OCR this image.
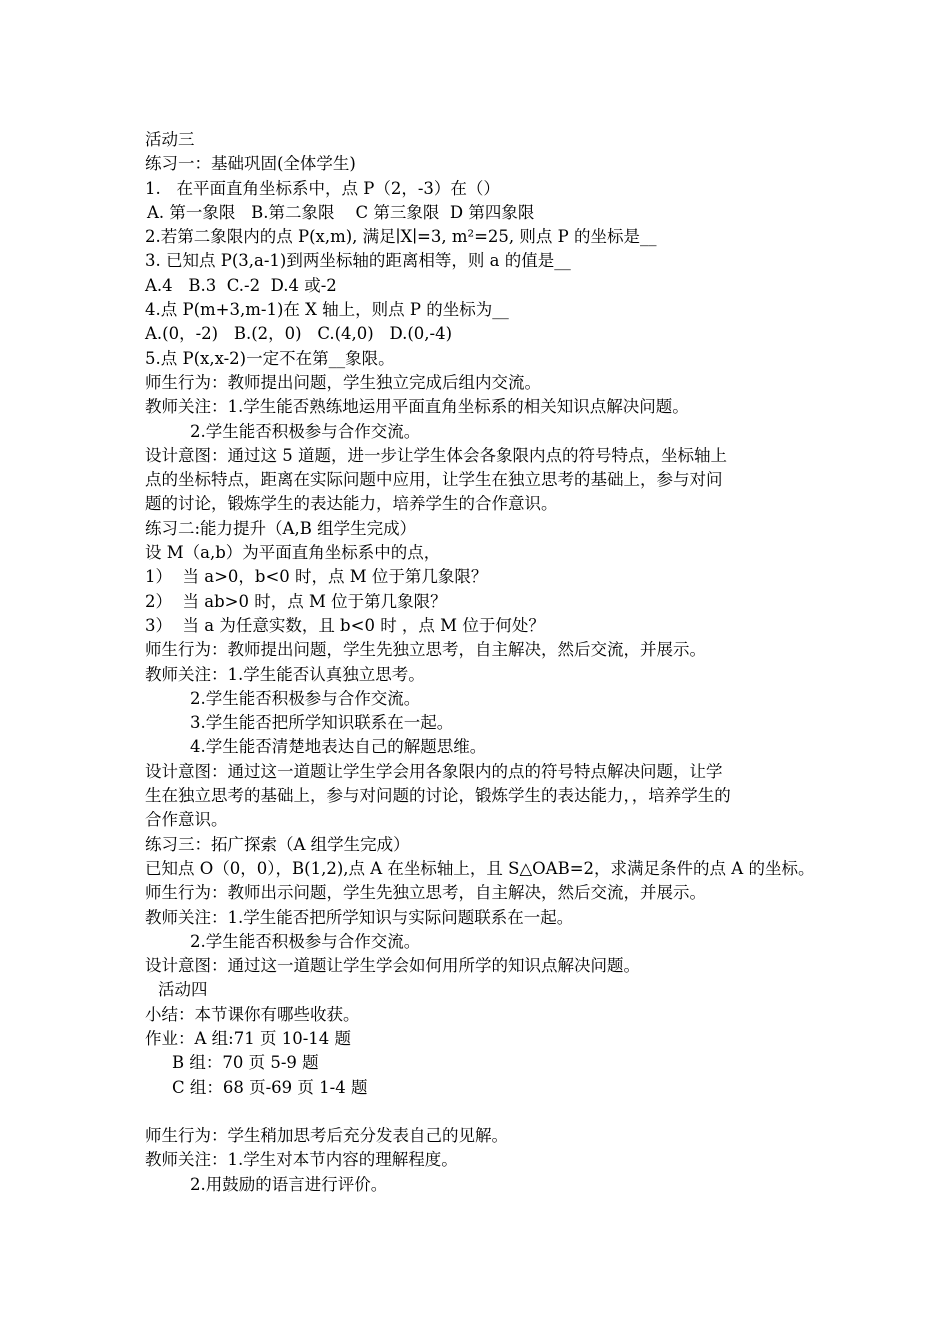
活动三
练习一：基础巩固(全体学生)
1.   在平面直角坐标系中，点 P（2，-3）在（）
A. 第一象限   B.第二象限    C 第三象限  D 第四象限
2.若第二象限内的点 P(x,m), 满足∣X∣=3, m²=25, 则点 P 的坐标是__
3. 已知点 P(3,a-1)到两坐标轴的距离相等，则 a 的值是__
A.4   B.3  C.-2  D.4 或-2
4.点 P(m+3,m-1)在 X 轴上，则点 P 的坐标为__
A.(0，-2)   B.(2，0)   C.(4,0)   D.(0,-4)
5.点 P(x,x-2)一定不在第__象限。
师生行为：教师提出问题，学生独立完成后组内交流。
教师关注：1.学生能否熟练地运用平面直角坐标系的相关知识点解决问题。
2.学生能否积极参与合作交流。
设计意图：通过这 5 道题，进一步让学生体会各象限内点的符号特点，坐标轴上
点的坐标特点，距离在实际问题中应用，让学生在独立思考的基础上，参与对问
题的讨论，锻炼学生的表达能力，培养学生的合作意识。
练习二:能力提升（A,B 组学生完成）
设 M（a,b）为平面直角坐标系中的点，
1）  当 a>0，b<0 时，点 M 位于第几象限？
2）  当 ab>0 时，点 M 位于第几象限？
3）  当 a 为任意实数，且 b<0 时 ，点 M 位于何处？
师生行为：教师提出问题，学生先独立思考，自主解决，然后交流，并展示。
教师关注：1.学生能否认真独立思考。
2.学生能否积极参与合作交流。
3.学生能否把所学知识联系在一起。
4.学生能否清楚地表达自己的解题思维。
设计意图：通过这一道题让学生学会用各象限内的点的符号特点解决问题，让学
生在独立思考的基础上，参与对问题的讨论，锻炼学生的表达能力，，培养学生的
合作意识。
练习三：拓广探索（A 组学生完成）
已知点 O（0，0），B(1,2),点 A 在坐标轴上，且 S△OAB=2，求满足条件的点 A 的坐标。
师生行为：教师出示问题，学生先独立思考，自主解决，然后交流，并展示。
教师关注：1.学生能否把所学知识与实际问题联系在一起。
2.学生能否积极参与合作交流。
设计意图：通过这一道题让学生学会如何用所学的知识点解决问题。
活动四
小结：本节课你有哪些收获。
作业：A 组:71 页 10-14 题
B 组：70 页 5-9 题
C 组：68 页-69 页 1-4 题
师生行为：学生稍加思考后充分发表自己的见解。
教师关注：1.学生对本节内容的理解程度。
2.用鼓励的语言进行评价。
